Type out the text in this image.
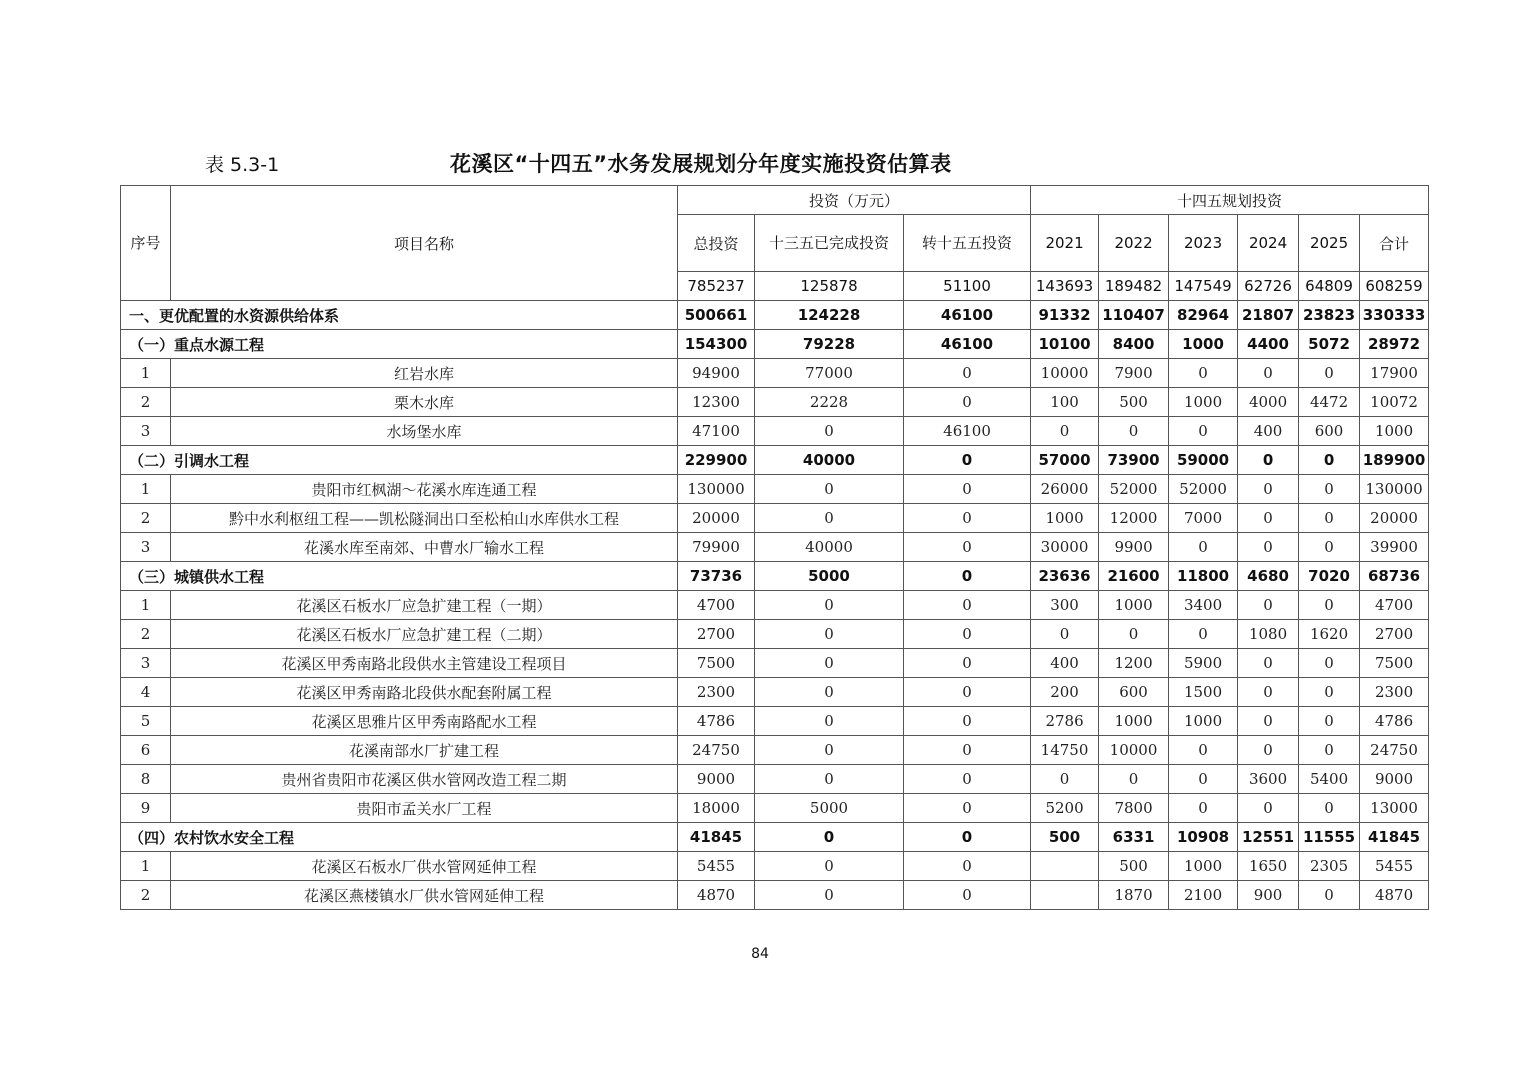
表 5.3-1	花溪区“十四五”水务发展规划分年度实施投资估算表
序号	项目名称	投资（万元）			十四五规划投资					
		总投资	十三五已完成投资	转十五五投资	2021	2022	2023	2024	2025	合计
		785237	125878	51100	143693	189482	147549	62726	64809	608259
一、更优配置的水资源供给体系		500661	124228	46100	91332	110407	82964	21807	23823	330333
（一）重点水源工程		154300	79228	46100	10100	8400	1000	4400	5072	28972
1	红岩水库	94900	77000	0	10000	7900	0	0	0	17900
2	栗木水库	12300	2228	0	100	500	1000	4000	4472	10072
3	水场堡水库	47100	0	46100	0	0	0	400	600	1000
（二）引调水工程		229900	40000	0	57000	73900	59000	0	0	189900
1	贵阳市红枫湖～花溪水库连通工程	130000	0	0	26000	52000	52000	0	0	130000
2	黔中水利枢纽工程——凯松隧洞出口至松柏山水库供水工程	20000	0	0	1000	12000	7000	0	0	20000
3	花溪水库至南郊、中曹水厂输水工程	79900	40000	0	30000	9900	0	0	0	39900
（三）城镇供水工程		73736	5000	0	23636	21600	11800	4680	7020	68736
1	花溪区石板水厂应急扩建工程（一期）	4700	0	0	300	1000	3400	0	0	4700
2	花溪区石板水厂应急扩建工程（二期）	2700	0	0	0	0	0	1080	1620	2700
3	花溪区甲秀南路北段供水主管建设工程项目	7500	0	0	400	1200	5900	0	0	7500
4	花溪区甲秀南路北段供水配套附属工程	2300	0	0	200	600	1500	0	0	2300
5	花溪区思雅片区甲秀南路配水工程	4786	0	0	2786	1000	1000	0	0	4786
6	花溪南部水厂扩建工程	24750	0	0	14750	10000	0	0	0	24750
8	贵州省贵阳市花溪区供水管网改造工程二期	9000	0	0	0	0	0	3600	5400	9000
9	贵阳市孟关水厂工程	18000	5000	0	5200	7800	0	0	0	13000
（四）农村饮水安全工程		41845	0	0	500	6331	10908	12551	11555	41845
1	花溪区石板水厂供水管网延伸工程	5455	0	0		500	1000	1650	2305	5455
2	花溪区燕楼镇水厂供水管网延伸工程	4870	0	0		1870	2100	900	0	4870
84
